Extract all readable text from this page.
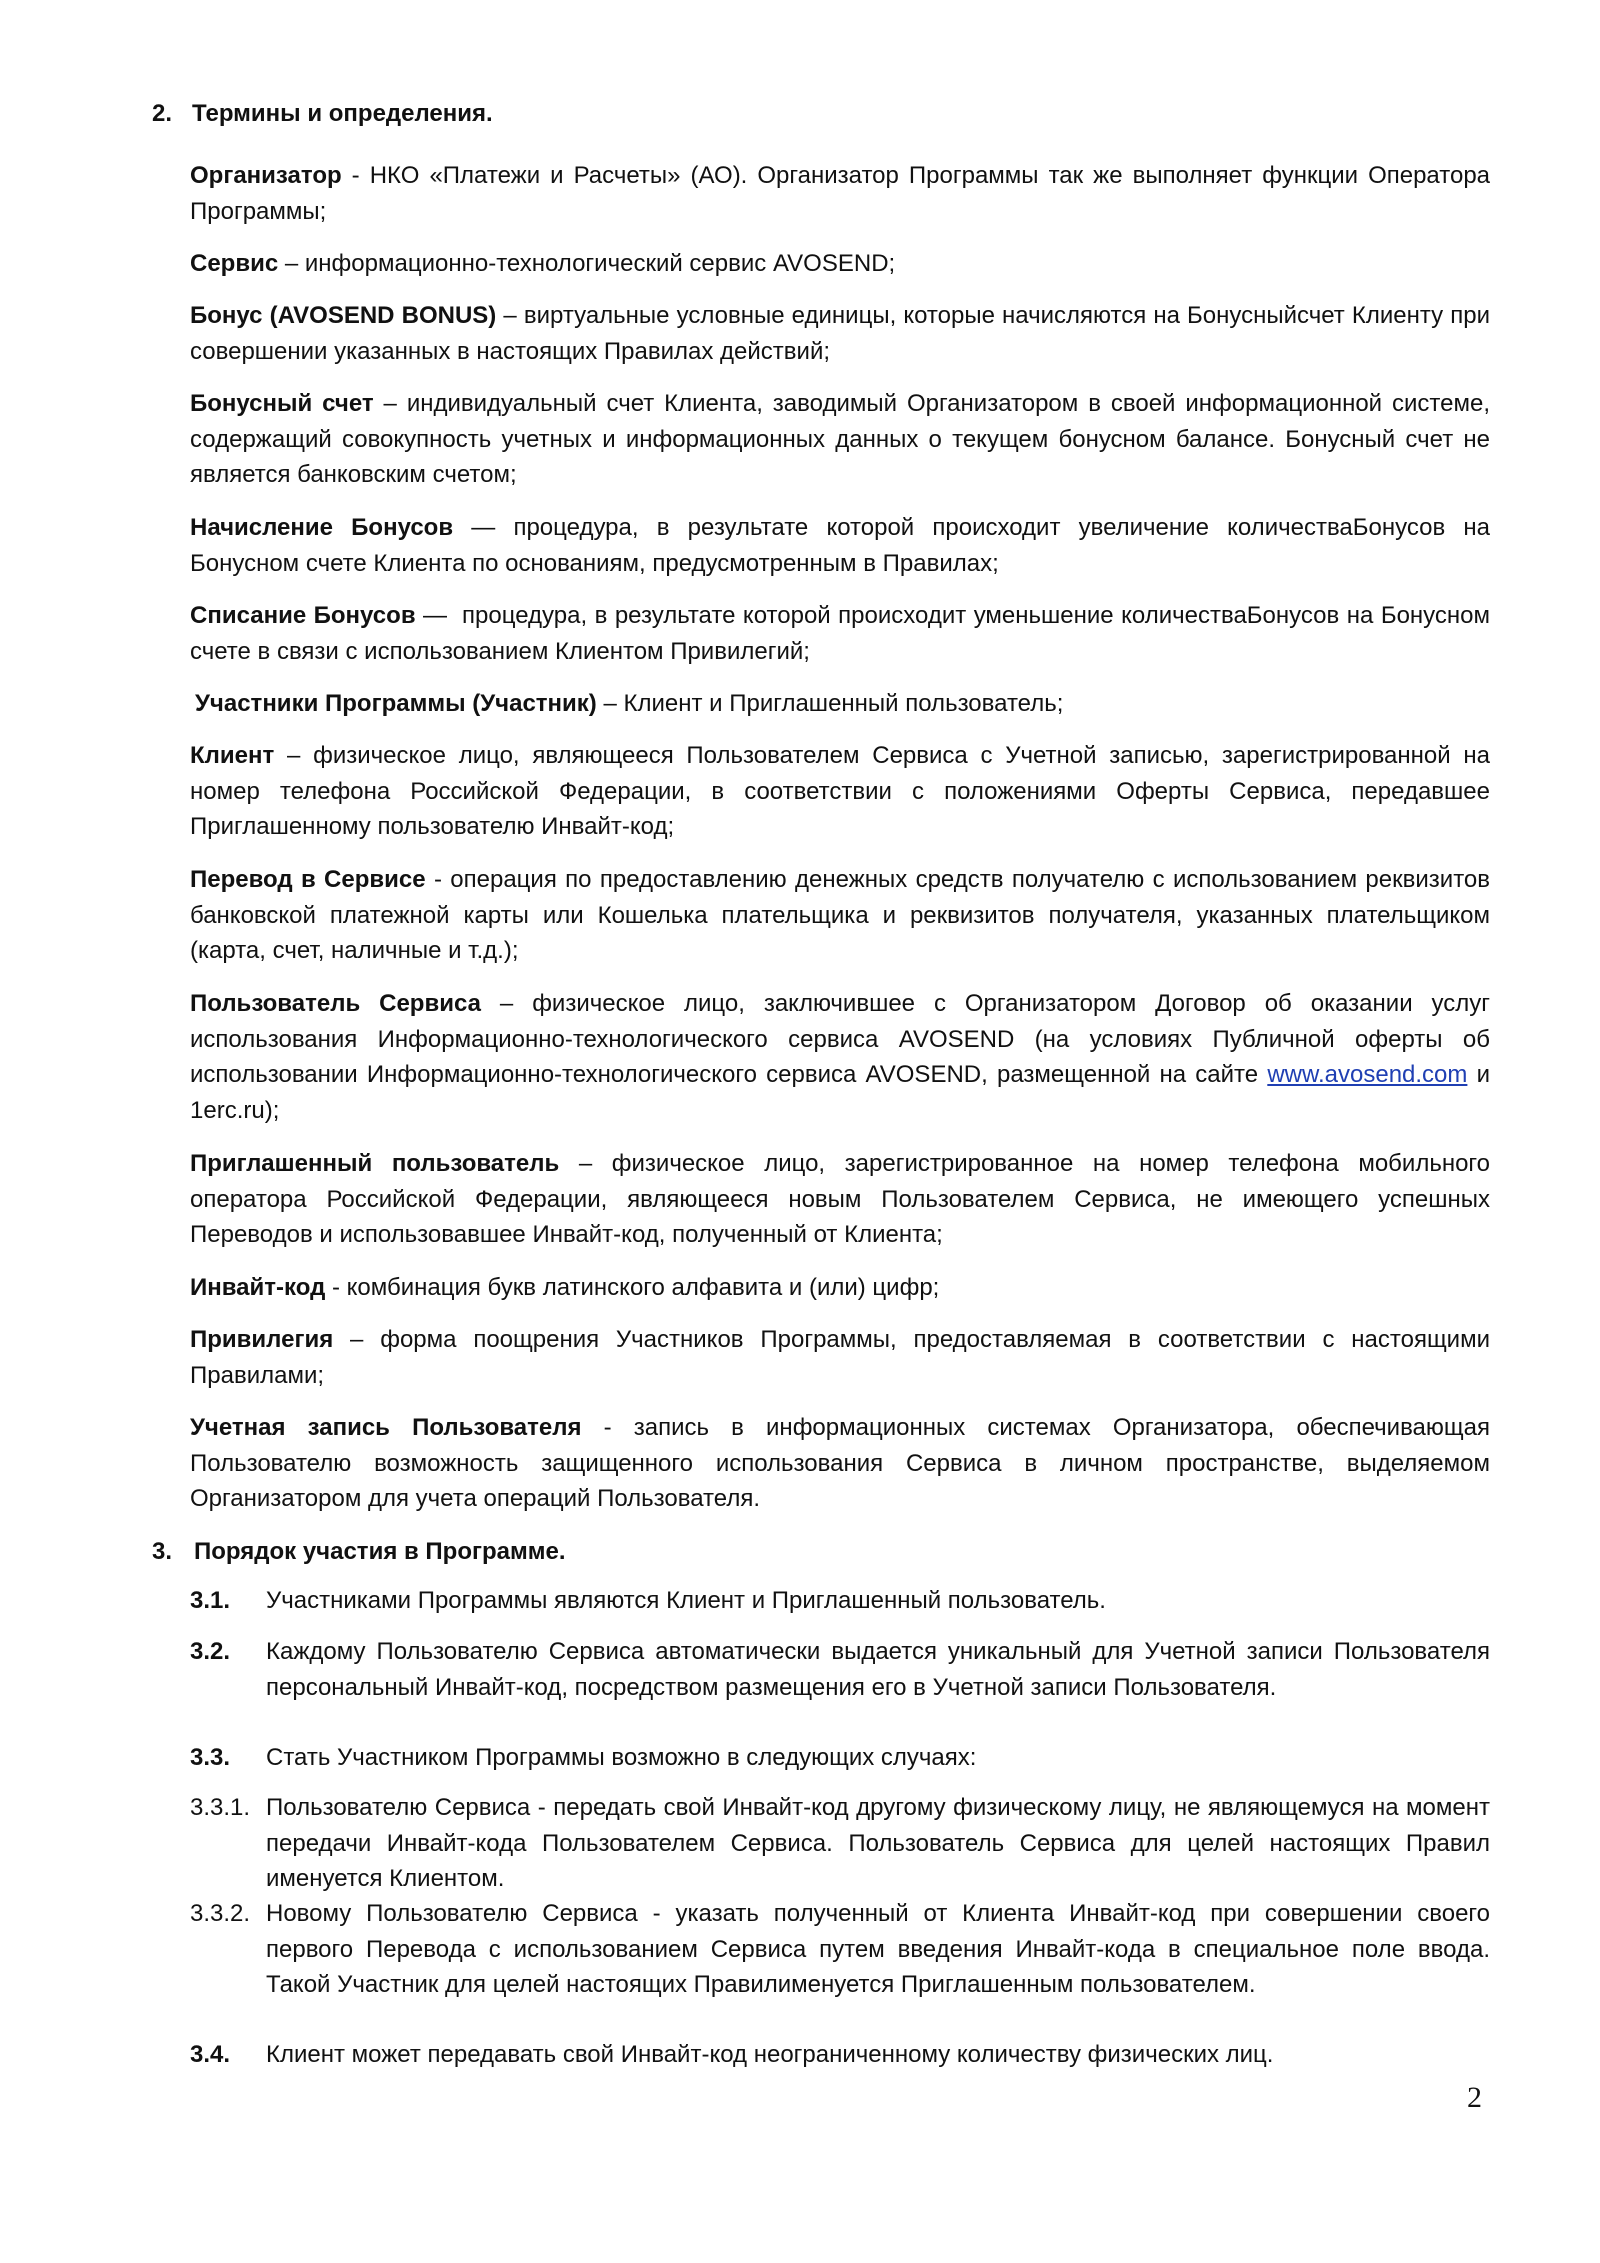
2. Термины и определения.
Организатор - НКО «Платежи и Расчеты» (АО). Организатор Программы так же выполняет функции Оператора Программы;
Сервис – информационно-технологический сервис AVOSEND;
Бонус (AVOSEND BONUS) – виртуальные условные единицы, которые начисляются на Бонусныйсчет Клиенту при совершении указанных в настоящих Правилах действий;
Бонусный счет – индивидуальный счет Клиента, заводимый Организатором в своей информационной системе, содержащий совокупность учетных и информационных данных о текущем бонусном балансе. Бонусный счет не является банковским счетом;
Начисление Бонусов — процедура, в результате которой происходит увеличение количестваБонусов на Бонусном счете Клиента по основаниям, предусмотренным в Правилах;
Списание Бонусов —  процедура, в результате которой происходит уменьшение количестваБонусов на Бонусном счете в связи с использованием Клиентом Привилегий;
Участники Программы (Участник) – Клиент и Приглашенный пользователь;
Клиент – физическое лицо, являющееся Пользователем Сервиса с Учетной записью, зарегистрированной на номер телефона Российской Федерации, в соответствии с положениями Оферты Сервиса, передавшее Приглашенному пользователю Инвайт-код;
Перевод в Сервисе - операция по предоставлению денежных средств получателю с использованием реквизитов банковской платежной карты или Кошелька плательщика и реквизитов получателя, указанных плательщиком (карта, счет, наличные и т.д.);
Пользователь Сервиса – физическое лицо, заключившее с Организатором Договор об оказании услуг использования Информационно-технологического сервиса AVOSEND (на условиях Публичной оферты об использовании Информационно-технологического сервиса AVOSEND, размещенной на сайте www.avosend.com и 1erc.ru);
Приглашенный пользователь – физическое лицо, зарегистрированное на номер телефона мобильного оператора Российской Федерации, являющееся новым Пользователем Сервиса, не имеющего успешных Переводов и использовавшее Инвайт-код, полученный от Клиента;
Инвайт-код - комбинация букв латинского алфавита и (или) цифр;
Привилегия – форма поощрения Участников Программы, предоставляемая в соответствии с настоящими Правилами;
Учетная запись Пользователя - запись в информационных системах Организатора, обеспечивающая Пользователю возможность защищенного использования Сервиса в личном пространстве, выделяемом Организатором для учета операций Пользователя.
3. Порядок участия в Программе.
3.1.	Участниками Программы являются Клиент и Приглашенный пользователь.
3.2.	Каждому Пользователю Сервиса автоматически выдается уникальный для Учетной записи Пользователя персональный Инвайт-код, посредством размещения его в Учетной записи Пользователя.
3.3.	Стать Участником Программы возможно в следующих случаях:
3.3.1. Пользователю Сервиса - передать свой Инвайт-код другому физическому лицу, не являющемуся на момент передачи Инвайт-кода Пользователем Сервиса. Пользователь Сервиса для целей настоящих Правил именуется Клиентом.
3.3.2. Новому Пользователю Сервиса - указать полученный от Клиента Инвайт-код при совершении своего первого Перевода с использованием Сервиса путем введения Инвайт-кода в специальное поле ввода. Такой Участник для целей настоящих Правилименуется Приглашенным пользователем.
3.4.	Клиент может передавать свой Инвайт-код неограниченному количеству физических лиц.
2
